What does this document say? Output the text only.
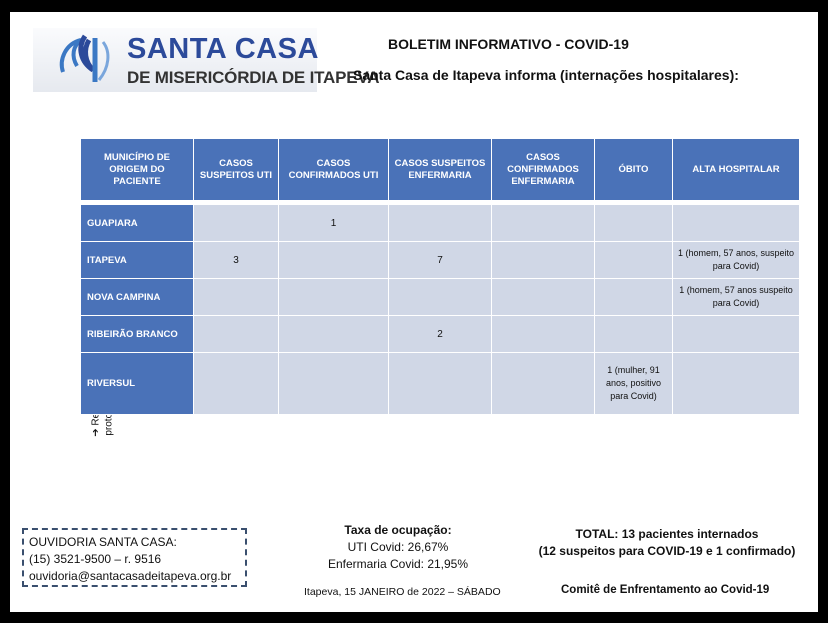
SANTA CASA
DE MISERICÓRDIA DE ITAPEVA
BOLETIM INFORMATIVO - COVID-19
Santa Casa de Itapeva informa (internações hospitalares):
MUNICÍPIO DE ORIGEM DO PACIENTE	CASOS SUSPEITOS UTI	CASOS CONFIRMADOS UTI	CASOS SUSPEITOS ENFERMARIA	CASOS CONFIRMADOS ENFERMARIA	ÓBITO	ALTA HOSPITALAR

GUAPIARA		1				
ITAPEVA	3		7			1 (homem, 57 anos, suspeito para Covid)
NOVA CAMPINA						1 (homem, 57 anos suspeito para Covid)
RIBEIRÃO BRANCO			2			
RIVERSUL					1 (mulher, 91 anos, positivo para Covid)	
OUVIDORIA SANTA CASA:
(15) 3521-9500 – r. 9516
ouvidoria@santacasadeitapeva.org.br
Taxa de ocupação:
UTI Covid: 26,67%
Enfermaria Covid: 21,95%
Itapeva, 15 JANEIRO de 2022 – SÁBADO
TOTAL: 13 pacientes internados
(12 suspeitos para COVID-19 e 1 confirmado)
Comitê de Enfrentamento ao Covid-19
